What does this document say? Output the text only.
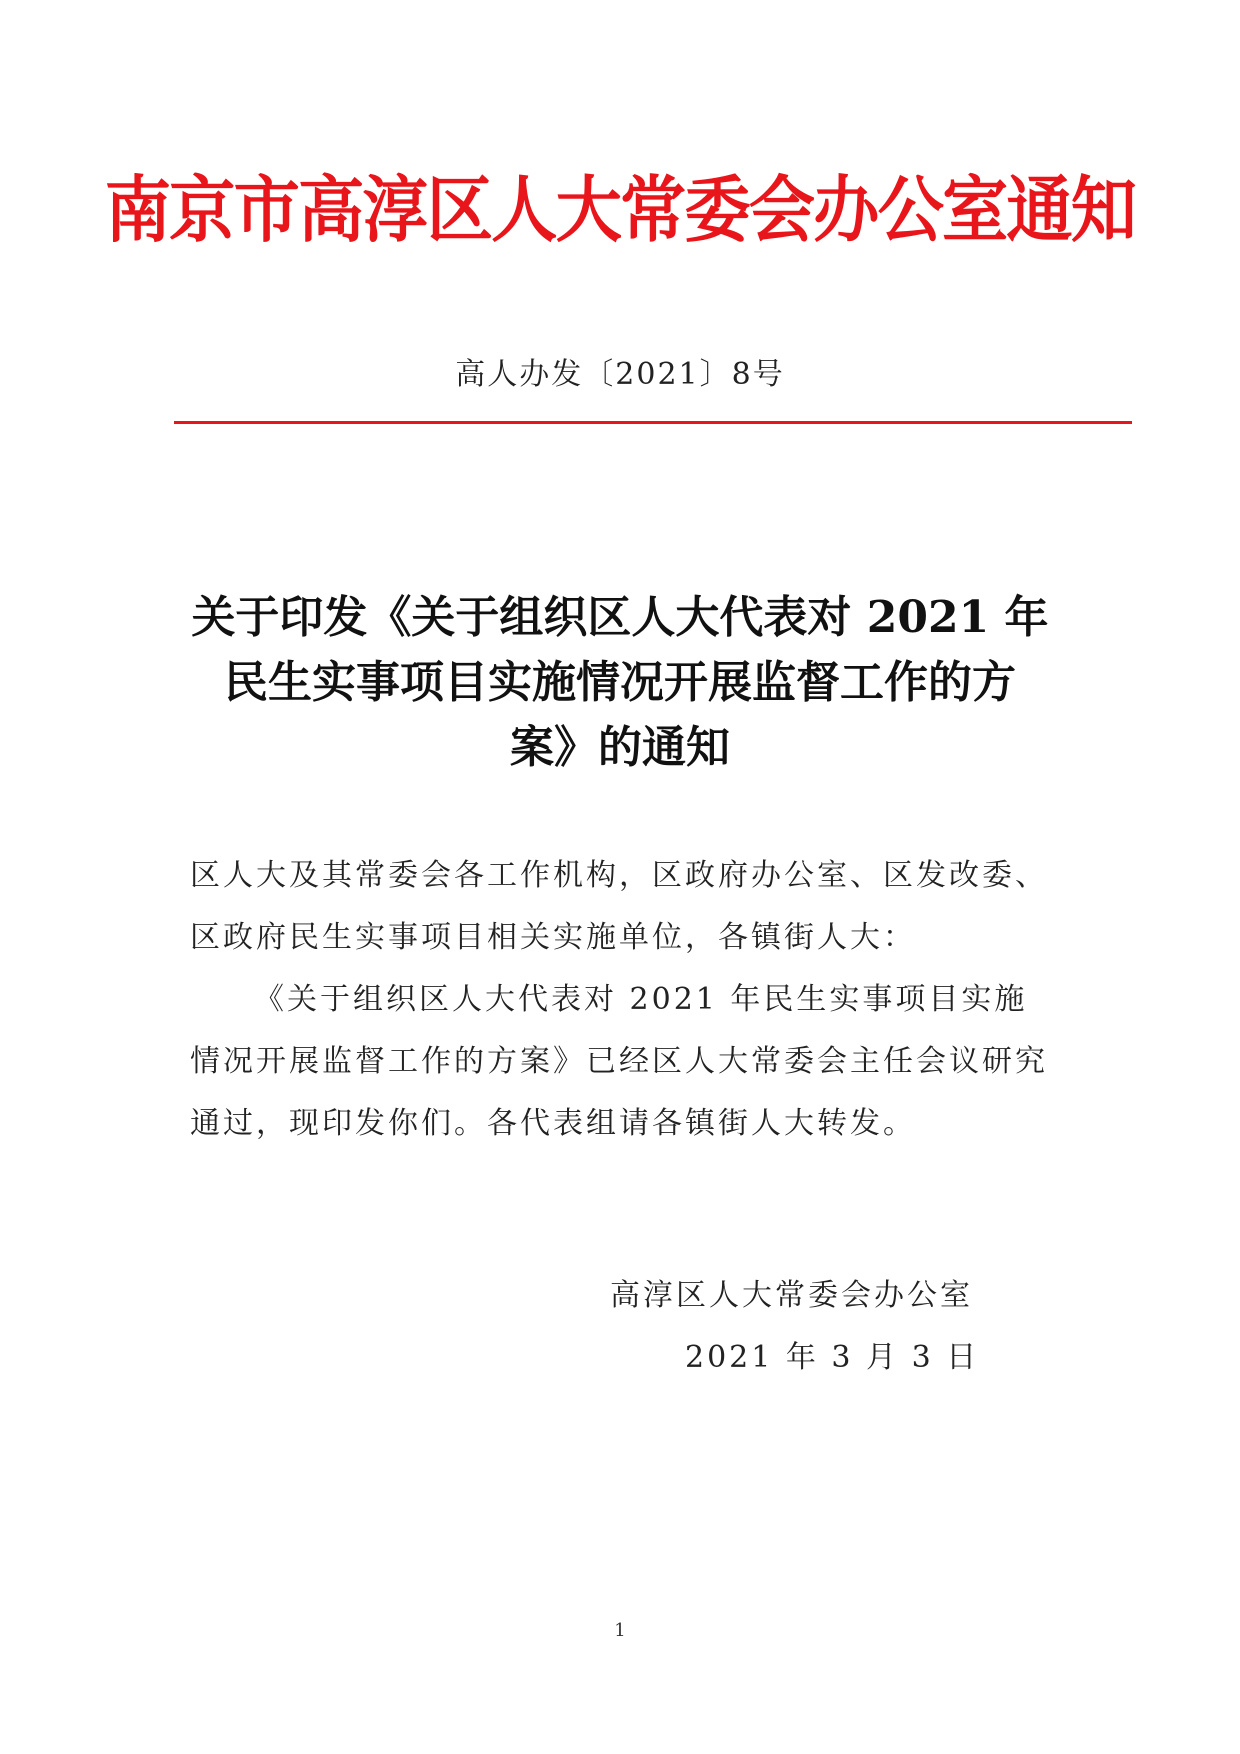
南京市高淳区人大常委会办公室通知
高人办发〔2021〕8号
关于印发《关于组织区人大代表对 2021 年
民生实事项目实施情况开展监督工作的方
案》的通知

区人大及其常委会各工作机构，区政府办公室、区发改委、区政府民生实事项目相关实施单位，各镇街人大：

《关于组织区人大代表对 2021 年民生实事项目实施情况开展监督工作的方案》已经区人大常委会主任会议研究通过，现印发你们。各代表组请各镇街人大转发。

高淳区人大常委会办公室
2021 年 3 月 3 日
1
